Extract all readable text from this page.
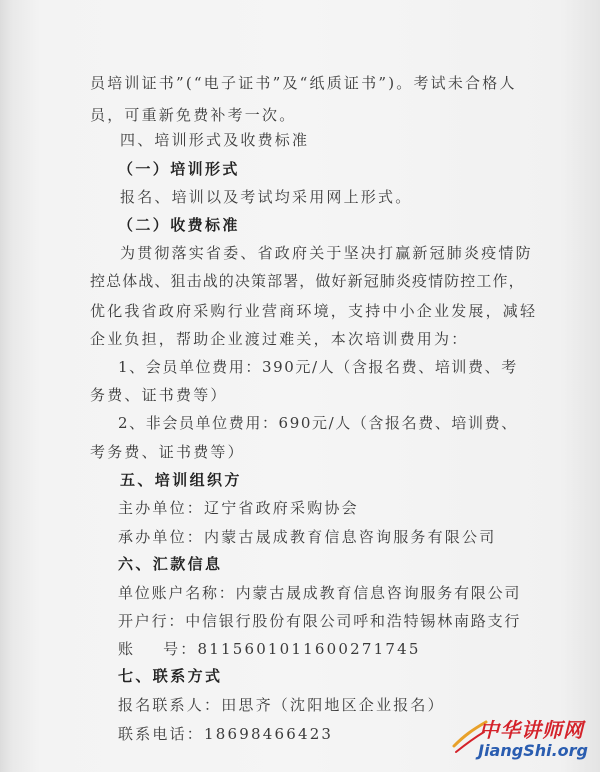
员培训证书”(“电子证书”及“纸质证书”)。考试未合格人
员，可重新免费补考一次。
四、培训形式及收费标准
（一）培训形式
报名、培训以及考试均采用网上形式。
（二）收费标准
为贯彻落实省委、省政府关于坚决打赢新冠肺炎疫情防
控总体战、狙击战的决策部署，做好新冠肺炎疫情防控工作，
优化我省政府采购行业营商环境，支持中小企业发展，减轻
企业负担，帮助企业渡过难关，本次培训费用为：
1、会员单位费用：390元/人（含报名费、培训费、考
务费、证书费等）
2、非会员单位费用：690元/人（含报名费、培训费、
考务费、证书费等）
五、培训组织方
主办单位：辽宁省政府采购协会
承办单位：内蒙古晟成教育信息咨询服务有限公司
六、汇款信息
单位账户名称：内蒙古晟成教育信息咨询服务有限公司
开户行：中信银行股份有限公司呼和浩特锡林南路支行
账    号：8115601011600271745
七、联系方式
报名联系人：田思齐（沈阳地区企业报名）
联系电话：18698466423	中华讲师网
JiangShi.org
